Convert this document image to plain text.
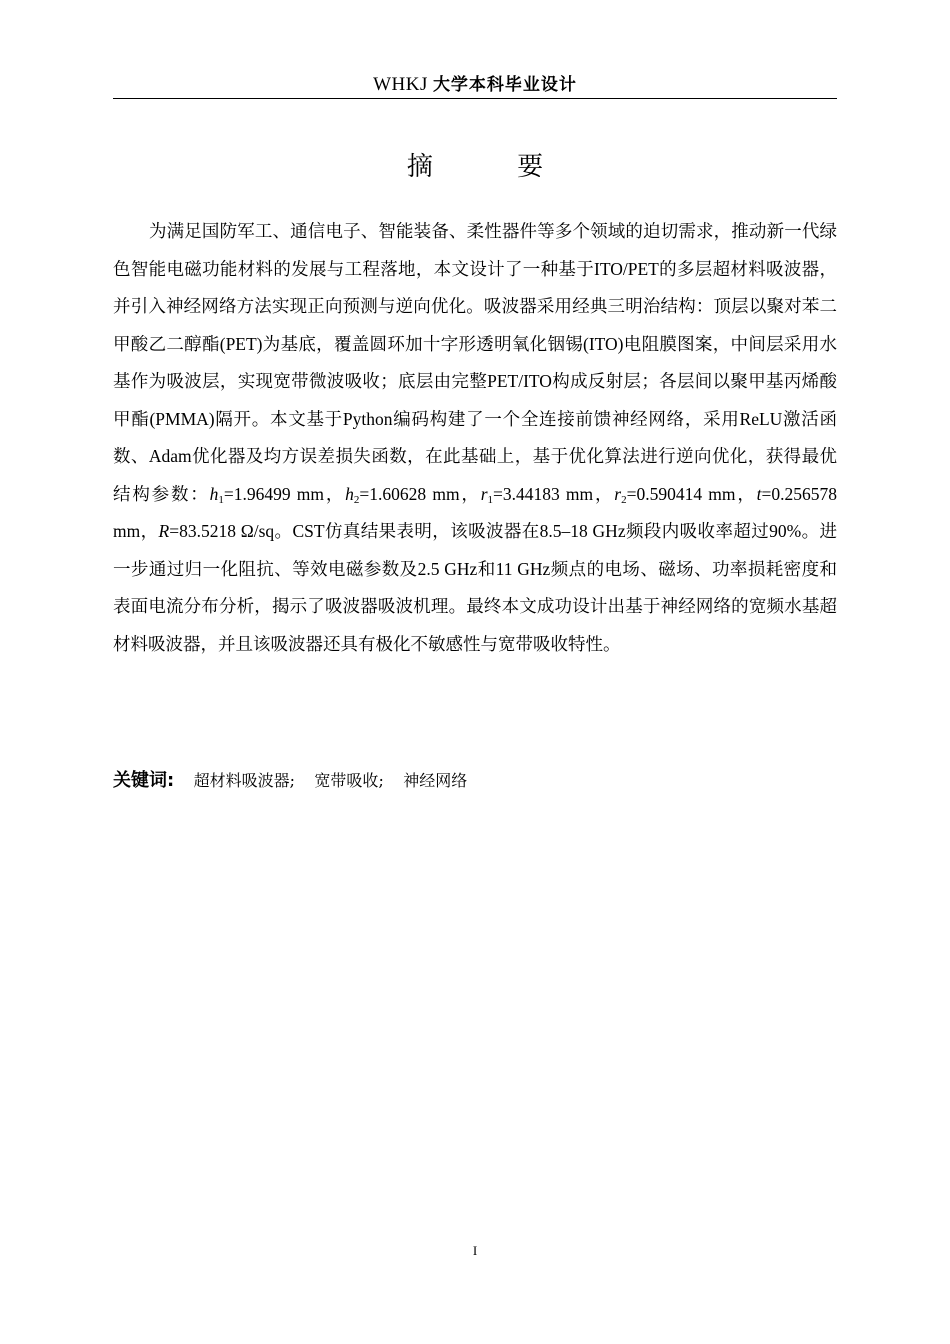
WHKJ 大学本科毕业设计
摘 要

为满足国防军工、通信电子、智能装备、柔性器件等多个领域的迫切需求，推动新一代绿色智能电磁功能材料的发展与工程落地，本文设计了一种基于ITO/PET的多层超材料吸波器，并引入神经网络方法实现正向预测与逆向优化。吸波器采用经典三明治结构：顶层以聚对苯二甲酸乙二醇酯(PET)为基底，覆盖圆环加十字形透明氧化铟锡(ITO)电阻膜图案，中间层采用水基作为吸波层，实现宽带微波吸收；底层由完整PET/ITO构成反射层；各层间以聚甲基丙烯酸甲酯(PMMA)隔开。本文基于Python编码构建了一个全连接前馈神经网络，采用ReLU激活函数、Adam优化器及均方误差损失函数，在此基础上，基于优化算法进行逆向优化，获得最优结构参数：$h_1=1.96499$ mm，$h_2=1.60628$ mm，$r_1=3.44183$ mm，$r_2=0.590414$ mm，t=0.256578 mm，R=83.5218 Ω/sq。CST仿真结果表明，该吸波器在8.5–18 GHz频段内吸收率超过90%。进一步通过归一化阻抗、等效电磁参数及2.5 GHz和11 GHz频点的电场、磁场、功率损耗密度和表面电流分布分析，揭示了吸波器吸波机理。最终本文成功设计出基于神经网络的宽频水基超材料吸波器，并且该吸波器还具有极化不敏感性与宽带吸收特性。

关键词: 超材料吸波器; 宽带吸收; 神经网络
I
